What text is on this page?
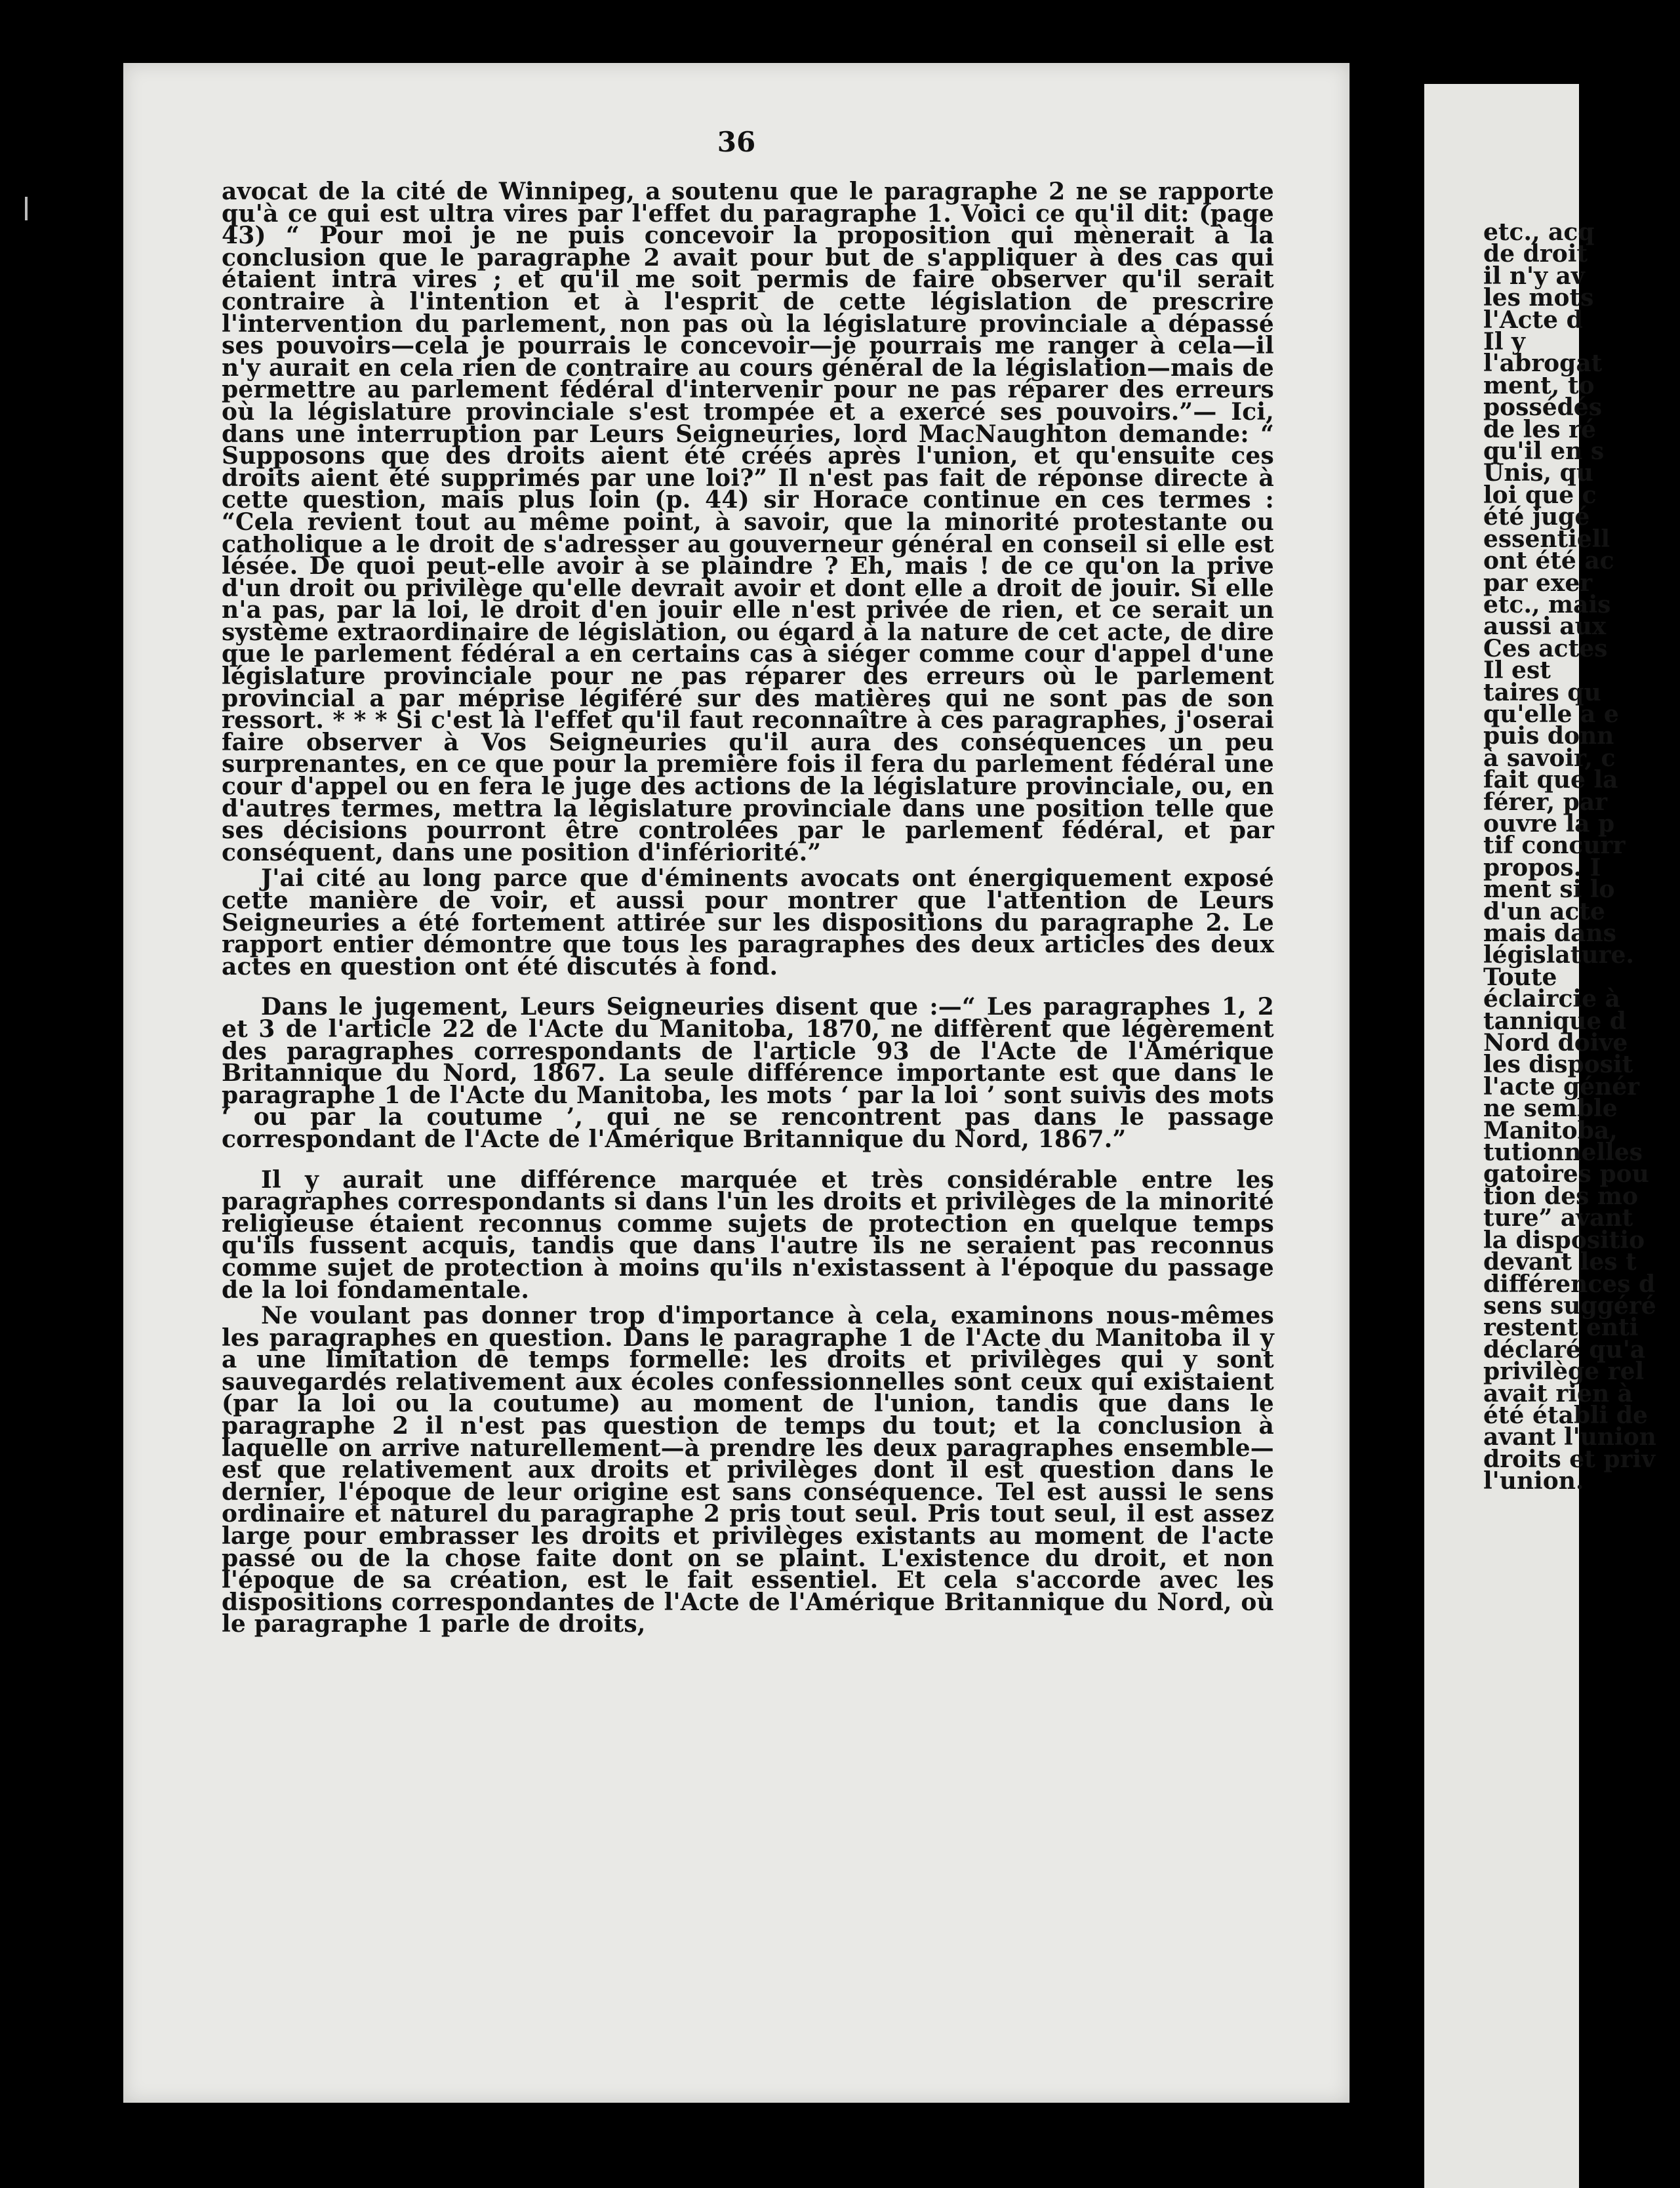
36

avocat de la cité de Winnipeg, a soutenu que le paragraphe 2 ne se rapporte qu'à ce qui est ultra vires par l'effet du paragraphe 1. Voici ce qu'il dit: (page 43) “ Pour moi je ne puis concevoir la proposition qui mènerait à la conclusion que le paragraphe 2 avait pour but de s'appliquer à des cas qui étaient intra vires ; et qu'il me soit permis de faire observer qu'il serait contraire à l'intention et à l'esprit de cette législation de prescrire l'intervention du parlement, non pas où la législature provinciale a dépassé ses pouvoirs—cela je pourrais le concevoir—je pourrais me ranger à cela—il n'y aurait en cela rien de contraire au cours général de la législation—mais de permettre au parlement fédéral d'intervenir pour ne pas réparer des erreurs où la législature provinciale s'est trompée et a exercé ses pouvoirs.”— Ici, dans une interruption par Leurs Seigneuries, lord MacNaughton demande: “ Supposons que des droits aient été créés après l'union, et qu'ensuite ces droits aient été supprimés par une loi?” Il n'est pas fait de réponse directe à cette question, mais plus loin (p. 44) sir Horace continue en ces termes : “Cela revient tout au même point, à savoir, que la minorité protestante ou catholique a le droit de s'adresser au gouverneur général en conseil si elle est lésée. De quoi peut-elle avoir à se plaindre ? Eh, mais ! de ce qu'on la prive d'un droit ou privilège qu'elle devrait avoir et dont elle a droit de jouir. Si elle n'a pas, par la loi, le droit d'en jouir elle n'est privée de rien, et ce serait un système extraordinaire de législation, ou égard à la nature de cet acte, de dire que le parlement fédéral a en certains cas à siéger comme cour d'appel d'une législature provinciale pour ne pas réparer des erreurs où le parlement provincial a par méprise légiféré sur des matières qui ne sont pas de son ressort. * * * Si c'est là l'effet qu'il faut reconnaître à ces paragraphes, j'oserai faire observer à Vos Seigneuries qu'il aura des conséquences un peu surprenantes, en ce que pour la première fois il fera du parlement fédéral une cour d'appel ou en fera le juge des actions de la législature provinciale, ou, en d'autres termes, mettra la législature provinciale dans une position telle que ses décisions pourront être controlées par le parlement fédéral, et par conséquent, dans une position d'infériorité.”

J'ai cité au long parce que d'éminents avocats ont énergiquement exposé cette manière de voir, et aussi pour montrer que l'attention de Leurs Seigneuries a été fortement attirée sur les dispositions du paragraphe 2. Le rapport entier démontre que tous les paragraphes des deux articles des deux actes en question ont été discutés à fond.

Dans le jugement, Leurs Seigneuries disent que :—“ Les paragraphes 1, 2 et 3 de l'article 22 de l'Acte du Manitoba, 1870, ne diffèrent que légèrement des paragraphes correspondants de l'article 93 de l'Acte de l'Amérique Britannique du Nord, 1867. La seule différence importante est que dans le paragraphe 1 de l'Acte du Manitoba, les mots ‘ par la loi ’ sont suivis des mots ‘ ou par la coutume ’, qui ne se rencontrent pas dans le passage correspondant de l'Acte de l'Amérique Britannique du Nord, 1867.”

Il y aurait une différence marquée et très considérable entre les paragraphes correspondants si dans l'un les droits et privilèges de la minorité religieuse étaient reconnus comme sujets de protection en quelque temps qu'ils fussent acquis, tandis que dans l'autre ils ne seraient pas reconnus comme sujet de protection à moins qu'ils n'existassent à l'époque du passage de la loi fondamentale.

Ne voulant pas donner trop d'importance à cela, examinons nous-mêmes les paragraphes en question. Dans le paragraphe 1 de l'Acte du Manitoba il y a une limitation de temps formelle: les droits et privilèges qui y sont sauvegardés relativement aux écoles confessionnelles sont ceux qui existaient (par la loi ou la coutume) au moment de l'union, tandis que dans le paragraphe 2 il n'est pas question de temps du tout; et la conclusion à laquelle on arrive naturellement—à prendre les deux paragraphes ensemble—est que relativement aux droits et privilèges dont il est question dans le dernier, l'époque de leur origine est sans conséquence. Tel est aussi le sens ordinaire et naturel du paragraphe 2 pris tout seul. Pris tout seul, il est assez large pour embrasser les droits et privilèges existants au moment de l'acte passé ou de la chose faite dont on se plaint. L'existence du droit, et non l'époque de sa création, est le fait essentiel. Et cela s'accorde avec les dispositions correspondantes de l'Acte de l'Amérique Britannique du Nord, où le paragraphe 1 parle de droits,

etc., acq
de droit
il n'y av
les mots
l'Acte d
Il y
l'abrogat
ment, to
possédés
de les ré
qu'il en s
Unis, qu
loi que c
été jugé
essentiell
ont été ac
par exer
etc., mais
aussi aux
Ces actes
Il est
taires qu
qu'elle a e
puis donn
à savoir, c
fait que la
férer, par
ouvre la p
tif concurr
propos. I
ment si lo
d'un acte
mais dans
législature.
Toute
éclaircie à
tannique d
Nord doive
les disposit
l'acte génér
ne semble
Manitoba,
tutionnelles
gatoires pou
tion des mo
ture” avant
la dispositio
devant les t
différences d
sens suggéré
restent enti
déclaré qu'a
privilège rel
avait rien à
été établi de
avant l'union
droits et priv
l'union.
